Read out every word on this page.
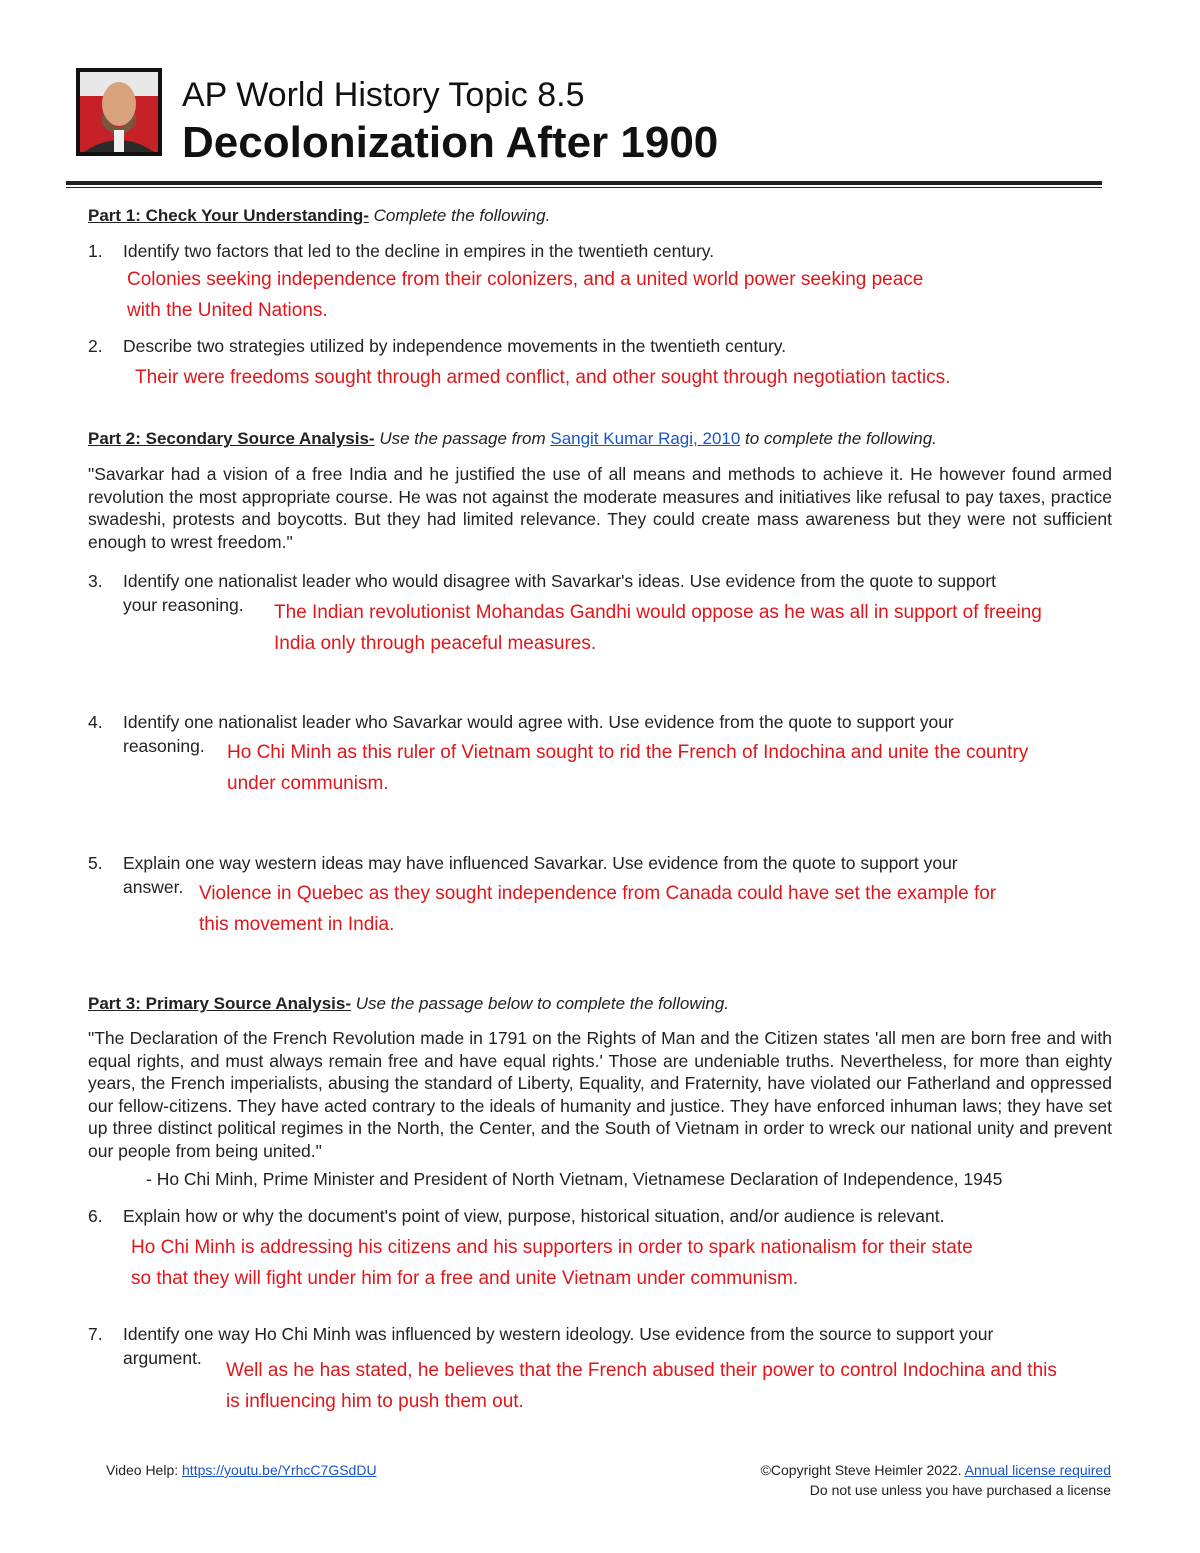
AP World History Topic 8.5
Decolonization After 1900
Part 1: Check Your Understanding- Complete the following.
1. Identify two factors that led to the decline in empires in the twentieth century.
Colonies seeking independence from their colonizers, and a united world power seeking peace
with the United Nations.
2. Describe two strategies utilized by independence movements in the twentieth century.
Their were freedoms sought through armed conflict, and other sought through negotiation tactics.
Part 2: Secondary Source Analysis- Use the passage from Sangit Kumar Ragi, 2010 to complete the following.
"Savarkar had a vision of a free India and he justified the use of all means and methods to achieve it. He however found armed revolution the most appropriate course. He was not against the moderate measures and initiatives like refusal to pay taxes, practice swadeshi, protests and boycotts. But they had limited relevance. They could create mass awareness but they were not sufficient enough to wrest freedom."
3. Identify one nationalist leader who would disagree with Savarkar's ideas. Use evidence from the quote to support
your reasoning.	The Indian revolutionist Mohandas Gandhi would oppose as he was all in support of freeing
India only through peaceful measures.
4. Identify one nationalist leader who Savarkar would agree with. Use evidence from the quote to support your
reasoning.	Ho Chi Minh as this ruler of Vietnam sought to rid the French of Indochina and unite the country
under communism.
5. Explain one way western ideas may have influenced Savarkar. Use evidence from the quote to support your
answer. Violence in Quebec as they sought independence from Canada could have set the example for
this movement in India.
Part 3: Primary Source Analysis- Use the passage below to complete the following.
"The Declaration of the French Revolution made in 1791 on the Rights of Man and the Citizen states 'all men are born free and with equal rights, and must always remain free and have equal rights.' Those are undeniable truths. Nevertheless, for more than eighty years, the French imperialists, abusing the standard of Liberty, Equality, and Fraternity, have violated our Fatherland and oppressed our fellow-citizens. They have acted contrary to the ideals of humanity and justice. They have enforced inhuman laws; they have set up three distinct political regimes in the North, the Center, and the South of Vietnam in order to wreck our national unity and prevent our people from being united."
- Ho Chi Minh, Prime Minister and President of North Vietnam, Vietnamese Declaration of Independence, 1945
6. Explain how or why the document's point of view, purpose, historical situation, and/or audience is relevant.
Ho Chi Minh is addressing his citizens and his supporters in order to spark nationalism for their state
so that they will fight under him for a free and unite Vietnam under communism.
7. Identify one way Ho Chi Minh was influenced by western ideology. Use evidence from the source to support your
argument.
Well as he has stated, he believes that the French abused their power to control Indochina and this
is influencing him to push them out.
Video Help: https://youtu.be/YrhcC7GSdDU	©Copyright Steve Heimler 2022. Annual license required
Do not use unless you have purchased a license
